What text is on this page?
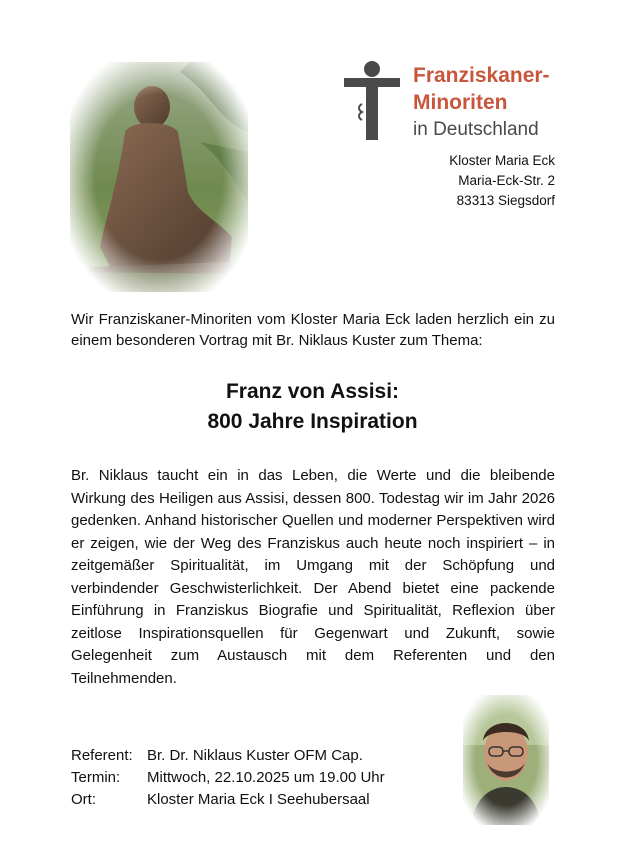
Franziskaner-
Minoriten
in Deutschland
Kloster Maria Eck
Maria-Eck-Str. 2
83313 Siegsdorf
Wir Franziskaner-Minoriten vom Kloster Maria Eck laden herzlich ein zu einem besonderen Vortrag mit Br. Niklaus Kuster zum Thema:
Franz von Assisi:
800 Jahre Inspiration
Br. Niklaus taucht ein in das Leben, die Werte und die bleibende Wirkung des Heiligen aus Assisi, dessen 800. Todestag wir im Jahr 2026 gedenken. Anhand historischer Quellen und moderner Perspektiven wird er zeigen, wie der Weg des Franziskus auch heute noch inspiriert – in zeitgemäßer Spiritualität, im Umgang mit der Schöpfung und verbindender Geschwisterlichkeit. Der Abend bietet eine packende Einführung in Franziskus Biografie und Spiritualität, Reflexion über zeitlose Inspirationsquellen für Gegenwart und Zukunft, sowie Gelegenheit zum Austausch mit dem Referenten und den Teilnehmenden.
Referent: Br. Dr. Niklaus Kuster OFM Cap.
Termin:	Mittwoch, 22.10.2025 um 19.00 Uhr
Ort:	Kloster Maria Eck I Seehubersaal
